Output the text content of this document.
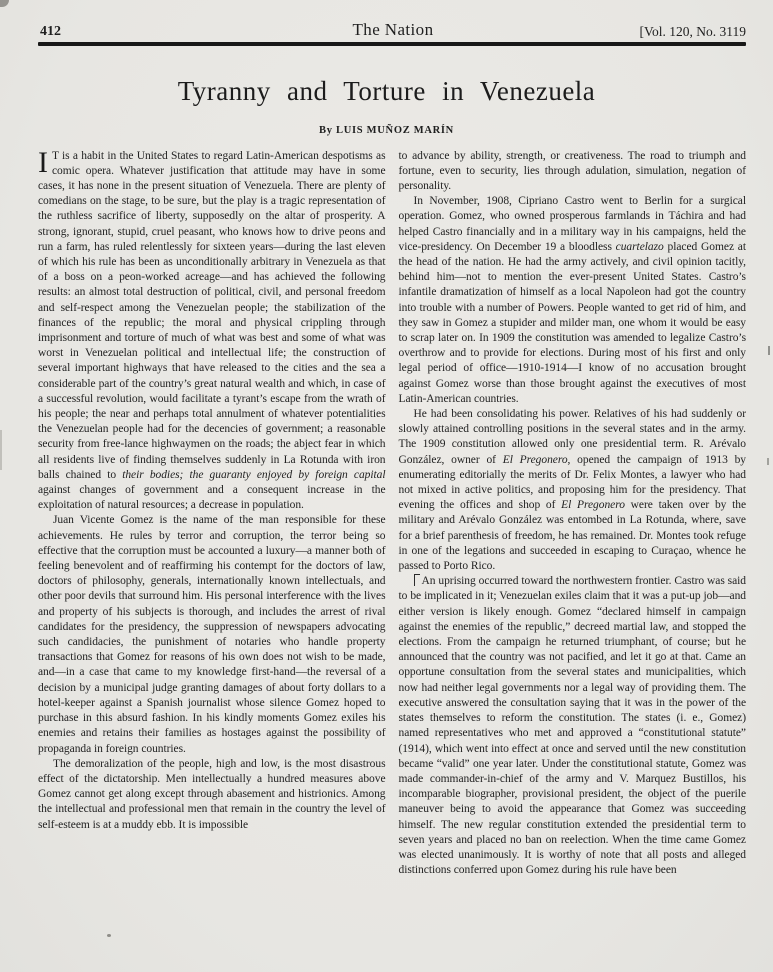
412	The Nation	[Vol. 120, No. 3119
Tyranny and Torture in Venezuela
By LUIS MUÑOZ MARÍN

I T is a habit in the United States to regard Latin-American despotisms as comic opera. Whatever justification that attitude may have in some cases, it has none in the present situation of Venezuela. There are plenty of comedians on the stage, to be sure, but the play is a tragic representation of the ruthless sacrifice of liberty, supposedly on the altar of prosperity. A strong, ignorant, stupid, cruel peasant, who knows how to drive peons and run a farm, has ruled relentlessly for sixteen years—during the last eleven of which his rule has been as unconditionally arbitrary in Venezuela as that of a boss on a peon-worked acreage—and has achieved the following results: an almost total destruction of political, civil, and personal freedom and self-respect among the Venezuelan people; the stabilization of the finances of the republic; the moral and physical crippling through imprisonment and torture of much of what was best and some of what was worst in Venezuelan political and intellectual life; the construction of several important highways that have released to the cities and the sea a considerable part of the country’s great natural wealth and which, in case of a successful revolution, would facilitate a tyrant’s escape from the wrath of his people; the near and perhaps total annulment of whatever potentialities the Venezuelan people had for the decencies of government; a reasonable security from free-lance highwaymen on the roads; the abject fear in which all residents live of finding themselves suddenly in La Rotunda with iron balls chained to their bodies; the guaranty enjoyed by foreign capital against changes of government and a consequent increase in the exploitation of natural resources; a decrease in population.

Juan Vicente Gomez is the name of the man responsible for these achievements. He rules by terror and corruption, the terror being so effective that the corruption must be accounted a luxury—a manner both of feeling benevolent and of reaffirming his contempt for the doctors of law, doctors of philosophy, generals, internationally known intellectuals, and other poor devils that surround him. His personal interference with the lives and property of his subjects is thorough, and includes the arrest of rival candidates for the presidency, the suppression of newspapers advocating such candidacies, the punishment of notaries who handle property transactions that Gomez for reasons of his own does not wish to be made, and—in a case that came to my knowledge first-hand—the reversal of a decision by a municipal judge granting damages of about forty dollars to a hotel-keeper against a Spanish journalist whose silence Gomez hoped to purchase in this absurd fashion. In his kindly moments Gomez exiles his enemies and retains their families as hostages against the possibility of propaganda in foreign countries.

The demoralization of the people, high and low, is the most disastrous effect of the dictatorship. Men intellectually a hundred measures above Gomez cannot get along except through abasement and histrionics. Among the intellectual and professional men that remain in the country the level of self-esteem is at a muddy ebb. It is impossible

to advance by ability, strength, or creativeness. The road to triumph and fortune, even to security, lies through adulation, simulation, negation of personality.

In November, 1908, Cipriano Castro went to Berlin for a surgical operation. Gomez, who owned prosperous farmlands in Táchira and had helped Castro financially and in a military way in his campaigns, held the vice-presidency. On December 19 a bloodless cuartelazo placed Gomez at the head of the nation. He had the army actively, and civil opinion tacitly, behind him—not to mention the ever-present United States. Castro’s infantile dramatization of himself as a local Napoleon had got the country into trouble with a number of Powers. People wanted to get rid of him, and they saw in Gomez a stupider and milder man, one whom it would be easy to scrap later on. In 1909 the constitution was amended to legalize Castro’s overthrow and to provide for elections. During most of his first and only legal period of office—1910-1914—I know of no accusation brought against Gomez worse than those brought against the executives of most Latin-American countries.

He had been consolidating his power. Relatives of his had suddenly or slowly attained controlling positions in the several states and in the army. The 1909 constitution allowed only one presidential term. R. Arévalo González, owner of El Pregonero, opened the campaign of 1913 by enumerating editorially the merits of Dr. Felix Montes, a lawyer who had not mixed in active politics, and proposing him for the presidency. That evening the offices and shop of El Pregonero were taken over by the military and Arévalo González was entombed in La Rotunda, where, save for a brief parenthesis of freedom, he has remained. Dr. Montes took refuge in one of the legations and succeeded in escaping to Curaçao, whence he passed to Porto Rico.

An uprising occurred toward the northwestern frontier. Castro was said to be implicated in it; Venezuelan exiles claim that it was a put-up job—and either version is likely enough. Gomez “declared himself in campaign against the enemies of the republic,” decreed martial law, and stopped the elections. From the campaign he returned triumphant, of course; but he announced that the country was not pacified, and let it go at that. Came an opportune consultation from the several states and municipalities, which now had neither legal governments nor a legal way of providing them. The executive answered the consultation saying that it was in the power of the states themselves to reform the constitution. The states (i. e., Gomez) named representatives who met and approved a “constitutional statute” (1914), which went into effect at once and served until the new constitution became “valid” one year later. Under the constitutional statute, Gomez was made commander-in-chief of the army and V. Marquez Bustillos, his incomparable biographer, provisional president, the object of the puerile maneuver being to avoid the appearance that Gomez was succeeding himself. The new regular constitution extended the presidential term to seven years and placed no ban on reelection. When the time came Gomez was elected unanimously. It is worthy of note that all posts and alleged distinctions conferred upon Gomez during his rule have been
